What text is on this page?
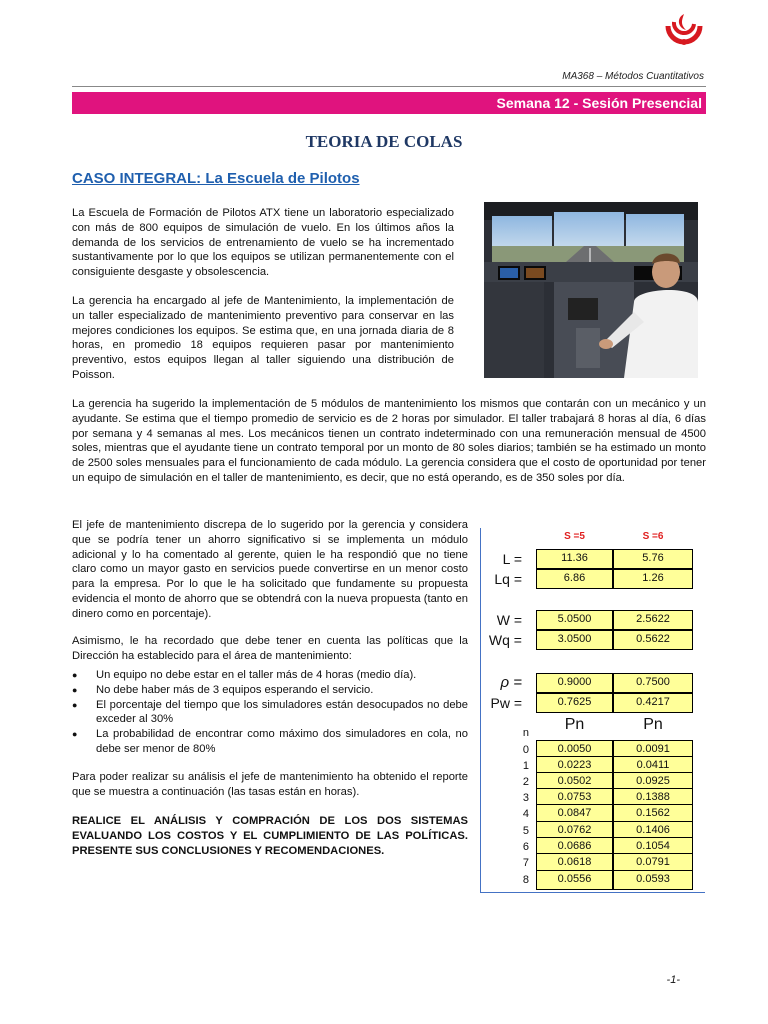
MA368 – Métodos Cuantitativos
Semana 12 - Sesión Presencial
TEORIA DE COLAS
CASO INTEGRAL: La Escuela de Pilotos

La Escuela de Formación de Pilotos ATX tiene un laboratorio especializado con más de 800 equipos de simulación de vuelo. En los últimos años la demanda de los servicios de entrenamiento de vuelo se ha incrementado sustantivamente por lo que los equipos se utilizan permanentemente con el consiguiente desgaste y obsolescencia.

La gerencia ha encargado al jefe de Mantenimiento, la implementación de un taller especializado de mantenimiento preventivo para conservar en las mejores condiciones los equipos. Se estima que, en una jornada diaria de 8 horas, en promedio 18 equipos requieren pasar por mantenimiento preventivo, estos equipos llegan al taller siguiendo una distribución de Poisson.

La gerencia ha sugerido la implementación de 5 módulos de mantenimiento los mismos que contarán con un mecánico y un ayudante. Se estima que el tiempo promedio de servicio es de 2 horas por simulador. El taller trabajará 8 horas al día, 6 días por semana y 4 semanas al mes. Los mecánicos tienen un contrato indeterminado con una remuneración mensual de 4500 soles, mientras que el ayudante tiene un contrato temporal por un monto de 80 soles diarios; también se ha estimado un monto de 2500 soles mensuales para el funcionamiento de cada módulo. La gerencia considera que el costo de oportunidad por tener un equipo de simulación en el taller de mantenimiento, es decir, que no está operando, es de 350 soles por día.

El jefe de mantenimiento discrepa de lo sugerido por la gerencia y considera que se podría tener un ahorro significativo si se implementa un módulo adicional y lo ha comentado al gerente, quien le ha respondió que no tiene claro como un mayor gasto en servicios puede convertirse en un menor costo para la empresa. Por lo que le ha solicitado que fundamente su propuesta evidencia el monto de ahorro que se obtendrá con la nueva propuesta (tanto en dinero como en porcentaje).

Asimismo, le ha recordado que debe tener en cuenta las políticas que la Dirección ha establecido para el área de mantenimiento:

●	Un equipo no debe estar en el taller más de 4 horas (medio día).
●	No debe haber más de 3 equipos esperando el servicio.
●	El porcentaje del tiempo que los simuladores están desocupados no debe exceder al 30%
●	La probabilidad de encontrar como máximo dos simuladores en cola, no debe ser menor de 80%

Para poder realizar su análisis el jefe de mantenimiento ha obtenido el reporte que se muestra a continuación (las tasas están en horas).

REALICE EL ANÁLISIS Y COMPRACIÓN DE LOS DOS SISTEMAS EVALUANDO LOS COSTOS Y EL CUMPLIMIENTO DE LAS POLÍTICAS. PRESENTE SUS CONCLUSIONES Y RECOMENDACIONES.

S =5	S =6
L =	11.36	5.76
Lq =	6.86	1.26
W =	5.0500	2.5622
Wq =	3.0500	0.5622
ρ =	0.9000	0.7500
Pw =	0.7625	0.4217
n	Pn	Pn
0	0.0050	0.0091
1	0.0223	0.0411
2	0.0502	0.0925
3	0.0753	0.1388
4	0.0847	0.1562
5	0.0762	0.1406
6	0.0686	0.1054
7	0.0618	0.0791
8	0.0556	0.0593
-1-
